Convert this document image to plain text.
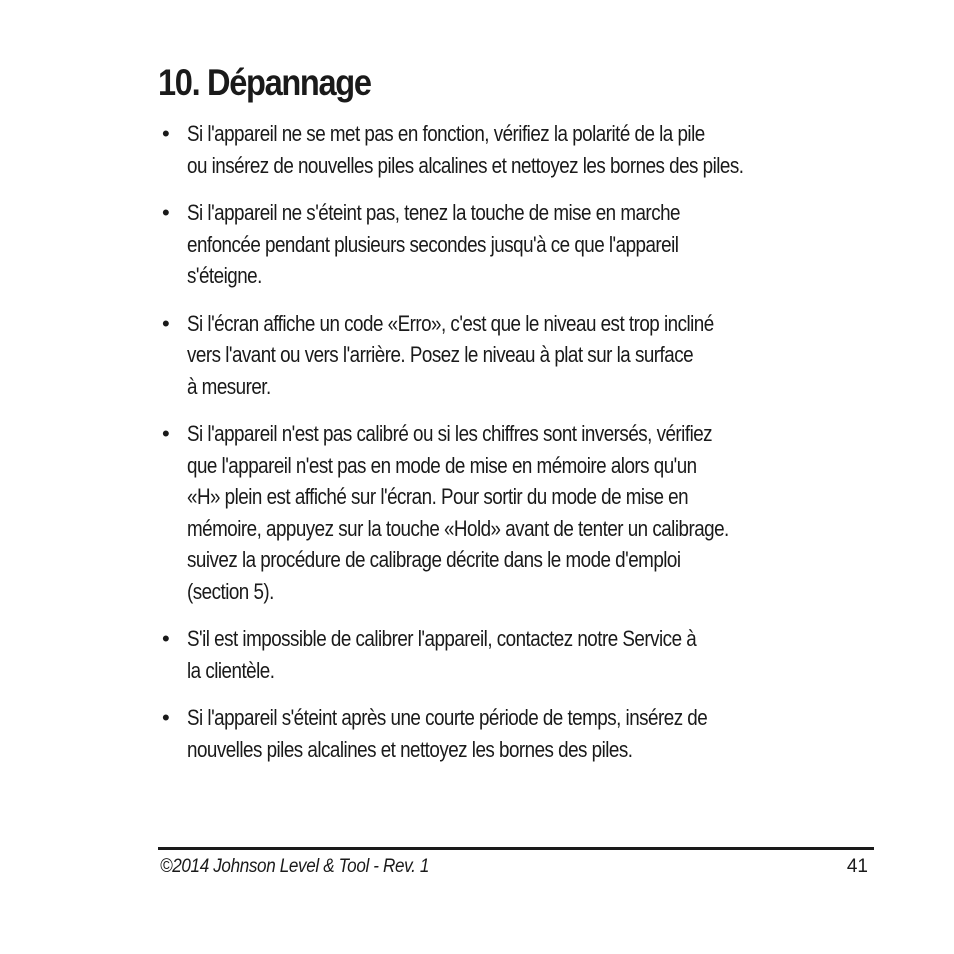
10. Dépannage
• Si l'appareil ne se met pas en fonction, vérifiez la polarité de la pile
ou insérez de nouvelles piles alcalines et nettoyez les bornes des piles.
• Si l'appareil ne s'éteint pas, tenez la touche de mise en marche
enfoncée pendant plusieurs secondes jusqu'à ce que l'appareil
s'éteigne.
• Si l'écran affiche un code «Erro», c'est que le niveau est trop incliné
vers l'avant ou vers l'arrière. Posez le niveau à plat sur la surface
à mesurer.
• Si l'appareil n'est pas calibré ou si les chiffres sont inversés, vérifiez
que l'appareil n'est pas en mode de mise en mémoire alors qu'un
«H» plein est affiché sur l'écran. Pour sortir du mode de mise en
mémoire, appuyez sur la touche «Hold» avant de tenter un calibrage.
suivez la procédure de calibrage décrite dans le mode d'emploi
(section 5).
• S'il est impossible de calibrer l'appareil, contactez notre Service à
la clientèle.
• Si l'appareil s'éteint après une courte période de temps, insérez de
nouvelles piles alcalines et nettoyez les bornes des piles.
©2014 Johnson Level & Tool - Rev. 1	41
